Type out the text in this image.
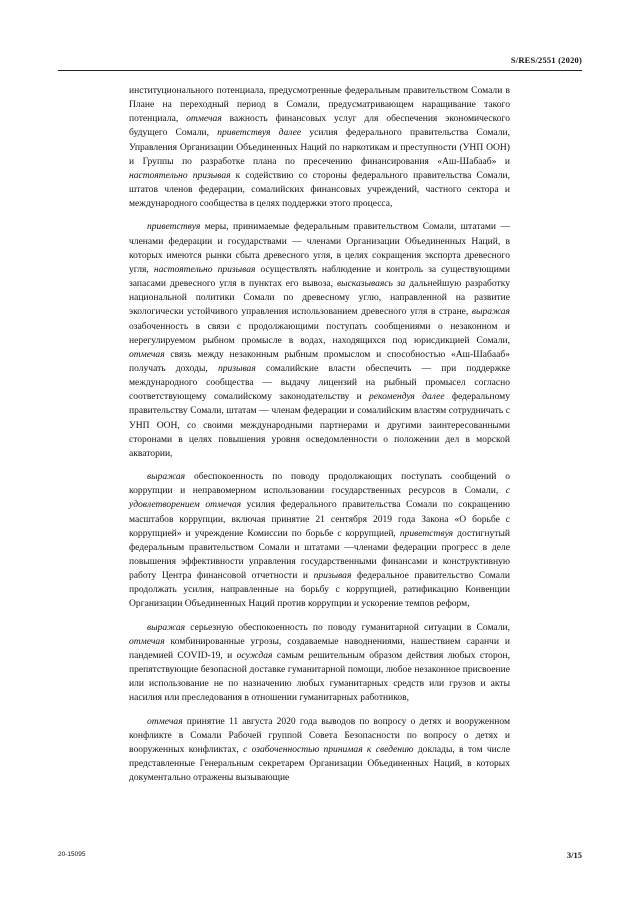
S/RES/2551 (2020)

институционального потенциала, предусмотренные федеральным правительством Сомали в Плане на переходный период в Сомали, предусматривающем наращивание такого потенциала, отмечая важность финансовых услуг для обеспечения экономического будущего Сомали, приветствуя далее усилия федерального правительства Сомали, Управления Организации Объединенных Наций по наркотикам и преступности (УНП ООН) и Группы по разработке плана по пресечению финансирования «Аш-Шабааб» и настоятельно призывая к содействию со стороны федерального правительства Сомали, штатов членов федерации, сомалийских финансовых учреждений, частного сектора и международного сообщества в целях поддержки этого процесса,

приветствуя меры, принимаемые федеральным правительством Сомали, штатами — членами федерации и государствами — членами Организации Объединенных Наций, в которых имеются рынки сбыта древесного угля, в целях сокращения экспорта древесного угля, настоятельно призывая осуществлять наблюдение и контроль за существующими запасами древесного угля в пунктах его вывоза, высказываясь за дальнейшую разработку национальной политики Сомали по древесному углю, направленной на развитие экологически устойчивого управления использованием древесного угля в стране, выражая озабоченность в связи с продолжающими поступать сообщениями о незаконном и нерегулируемом рыбном промысле в водах, находящихся под юрисдикцией Сомали, отмечая связь между незаконным рыбным промыслом и способностью «Аш-Шабааб» получать доходы, призывая сомалийские власти обеспечить — при поддержке международного сообщества — выдачу лицензий на рыбный промысел согласно соответствующему сомалийскому законодательству и рекомендуя далее федеральному правительству Сомали, штатам — членам федерации и сомалийским властям сотрудничать с УНП ООН, со своими международными партнерами и другими заинтересованными сторонами в целях повышения уровня осведомленности о положении дел в морской акватории,

выражая обеспокоенность по поводу продолжающих поступать сообщений о коррупции и неправомерном использовании государственных ресурсов в Сомали, с удовлетворением отмечая усилия федерального правительства Сомали по сокращению масштабов коррупции, включая принятие 21 сентября 2019 года Закона «О борьбе с коррупцией» и учреждение Комиссии по борьбе с коррупцией, приветствуя достигнутый федеральным правительством Сомали и штатами —членами федерации прогресс в деле повышения эффективности управления государственными финансами и конструктивную работу Центра финансовой отчетности и призывая федеральное правительство Сомали продолжать усилия, направленные на борьбу с коррупцией, ратификацию Конвенции Организации Объединенных Наций против коррупции и ускорение темпов реформ,

выражая серьезную обеспокоенность по поводу гуманитарной ситуации в Сомали, отмечая комбинированные угрозы, создаваемые наводнениями, нашествием саранчи и пандемией COVID-19, и осуждая самым решительным образом действия любых сторон, препятствующие безопасной доставке гуманитарной помощи, любое незаконное присвоение или использование не по назначению любых гуманитарных средств или грузов и акты насилия или преследования в отношении гуманитарных работников,

отмечая принятие 11 августа 2020 года выводов по вопросу о детях и вооруженном конфликте в Сомали Рабочей группой Совета Безопасности по вопросу о детях и вооруженных конфликтах, с озабоченностью принимая к сведению доклады, в том числе представленные Генеральным секретарем Организации Объединенных Наций, в которых документально отражены вызывающие

20-15095	3/15
